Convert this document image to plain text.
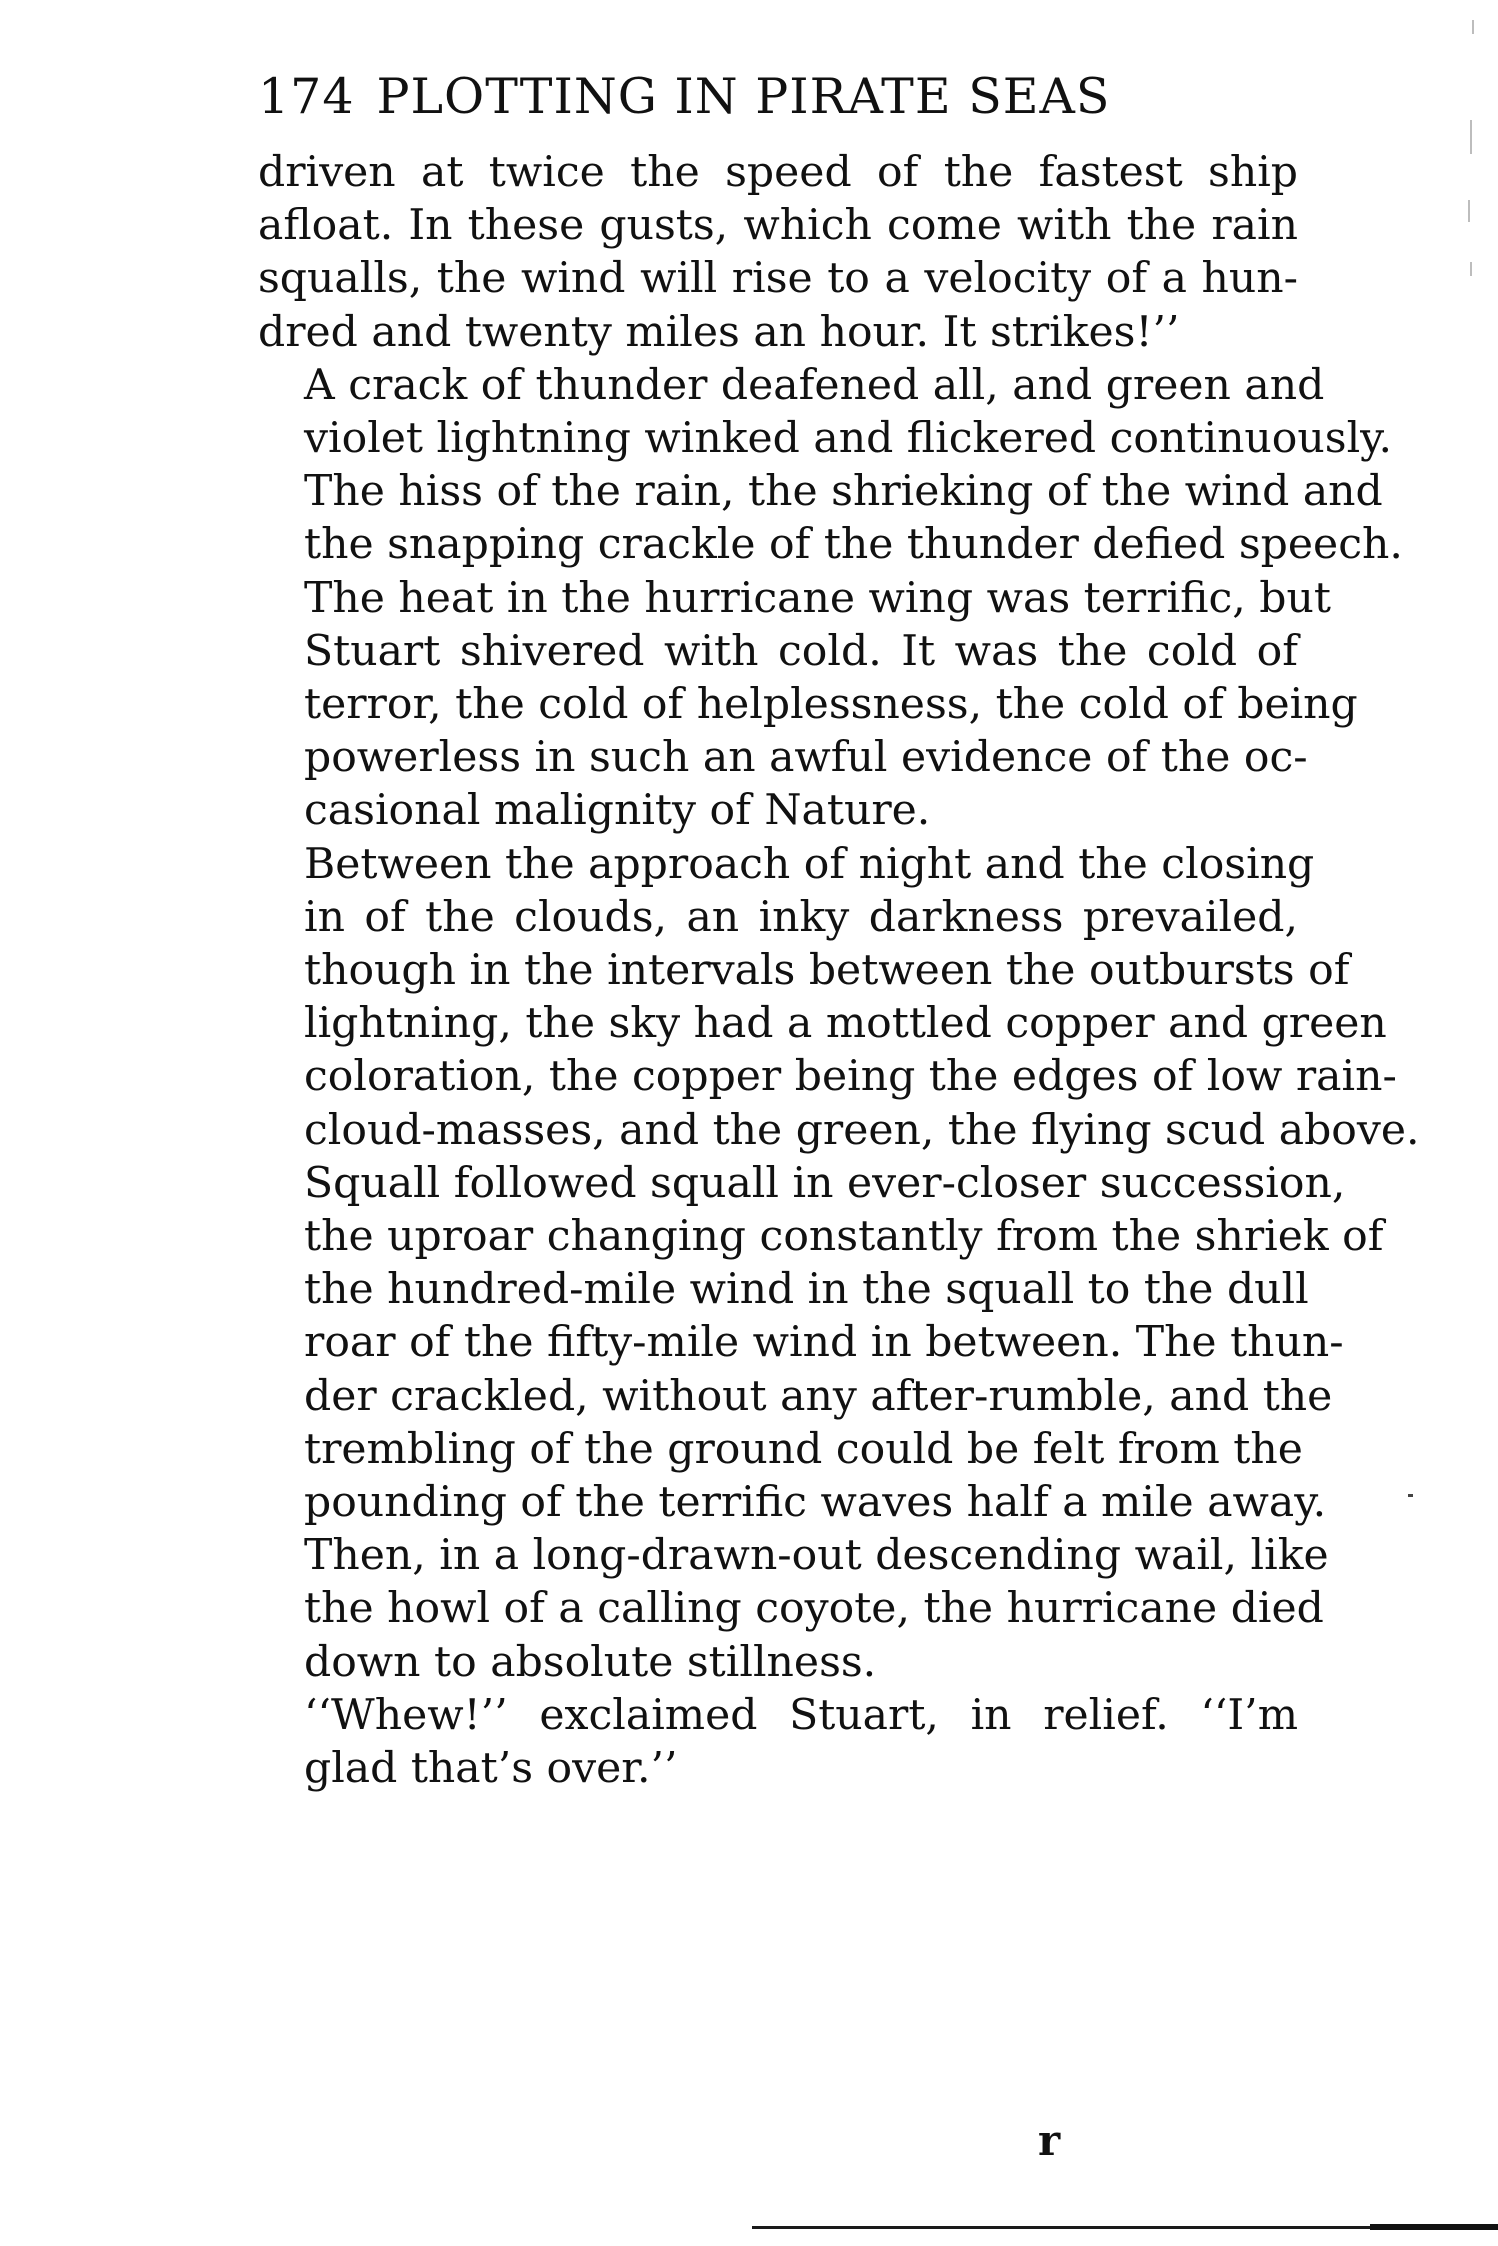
174 PLOTTING IN PIRATE SEAS

driven at twice the speed of the fastest ship
afloat. In these gusts, which come with the rain
squalls, the wind will rise to a velocity of a hun-
dred and twenty miles an hour. It strikes!’’

A crack of thunder deafened all, and green and
violet lightning winked and flickered continuously.
The hiss of the rain, the shrieking of the wind and
the snapping crackle of the thunder defied speech.
The heat in the hurricane wing was terrific, but
Stuart shivered with cold. It was the cold of
terror, the cold of helplessness, the cold of being
powerless in such an awful evidence of the oc-
casional malignity of Nature.

Between the approach of night and the closing
in of the clouds, an inky darkness prevailed,
though in the intervals between the outbursts of
lightning, the sky had a mottled copper and green
coloration, the copper being the edges of low rain-
cloud-masses, and the green, the flying scud above.

Squall followed squall in ever-closer succession,
the uproar changing constantly from the shriek of
the hundred-mile wind in the squall to the dull
roar of the fifty-mile wind in between. The thun-
der crackled, without any after-rumble, and the
trembling of the ground could be felt from the
pounding of the terrific waves half a mile away.
Then, in a long-drawn-out descending wail, like
the howl of a calling coyote, the hurricane died
down to absolute stillness.

‘‘Whew!’’ exclaimed Stuart, in relief. ‘‘I’m
glad that’s over.’’

r
